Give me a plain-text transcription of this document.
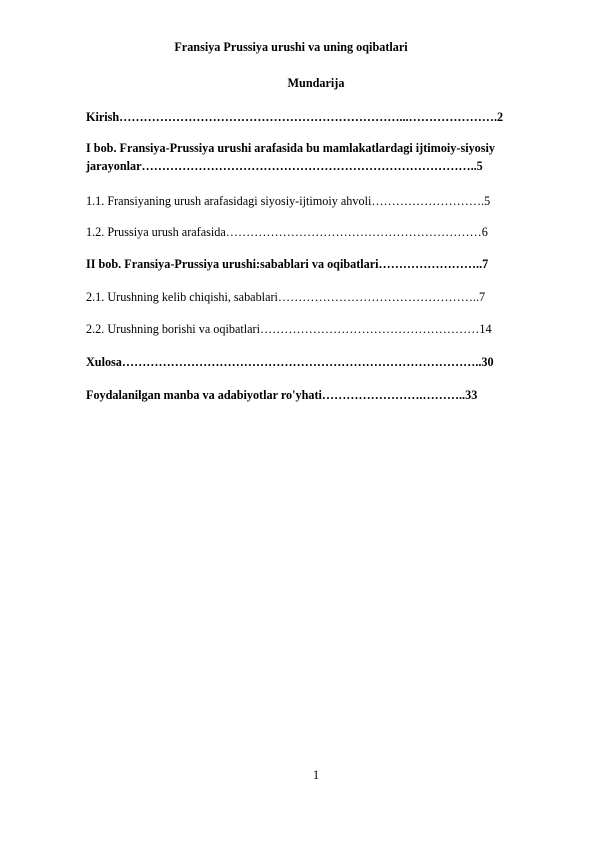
Fransiya Prussiya urushi va uning oqibatlari
Mundarija
Kirish……………………………………………………………...………………….2
I bob. Fransiya-Prussiya urushi arafasida bu mamlakatlardagi ijtimoiy-siyosiy
jarayonlar………………………………………………………………………..5
1.1. Fransiyaning urush arafasidagi siyosiy-ijtimoiy ahvoli……………………….5
1.2. Prussiya urush arafasida………………………………………………………6
II bob. Fransiya-Prussiya urushi:sabablari va oqibatlari……………………..7
2.1. Urushning kelib chiqishi, sabablari…………………………………………..7
2.2. Urushning borishi va oqibatlari………………………………………………14
Xulosa……………………………………………………………………………..30
Foydalanilgan manba va adabiyotlar ro'yhati…………………….………..33
1
